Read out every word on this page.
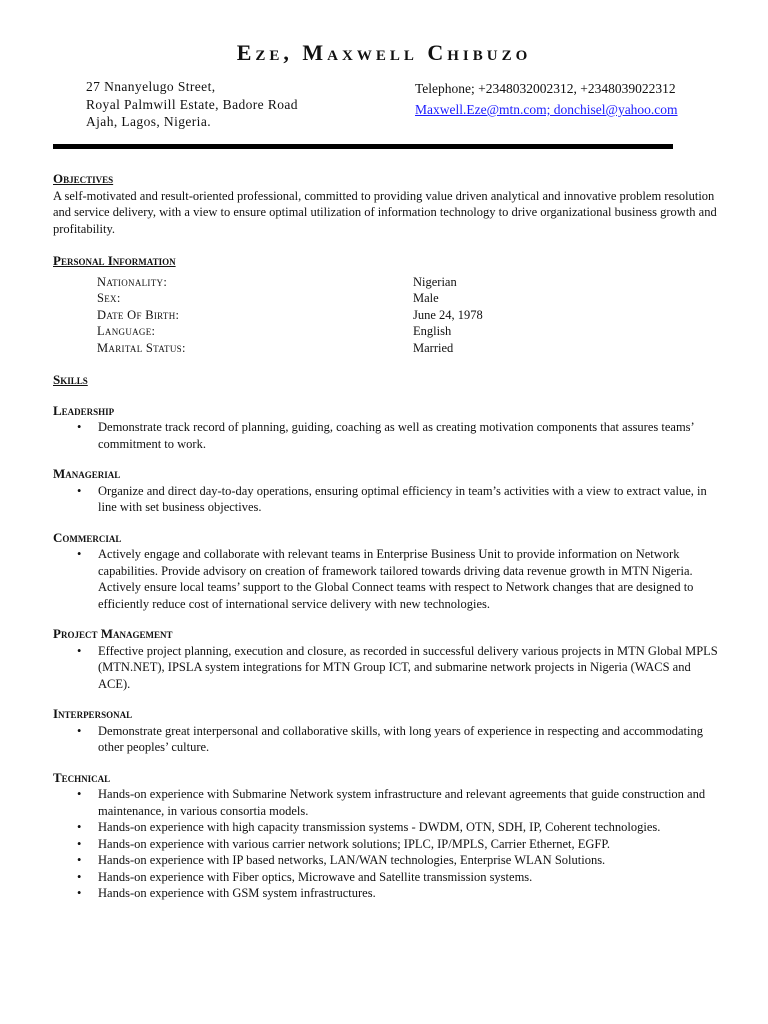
Eze, Maxwell Chibuzo
27 Nnanyelugo Street,
Royal Palmwill Estate, Badore Road
Ajah, Lagos, Nigeria.
Telephone; +2348032002312, +2348039022312
Maxwell.Eze@mtn.com; donchisel@yahoo.com
Objectives

A self-motivated and result-oriented professional, committed to providing value driven analytical and innovative problem resolution and service delivery, with a view to ensure optimal utilization of information technology to drive organizational business growth and profitability.

Personal Information
Nationality:	Nigerian
Sex:	Male
Date Of Birth:	June 24, 1978
Language:	English
Marital Status:	Married
Skills
Leadership
• Demonstrate track record of planning, guiding, coaching as well as creating motivation components that assures teams’ commitment to work.
Managerial
• Organize and direct day-to-day operations, ensuring optimal efficiency in team’s activities with a view to extract value, in line with set business objectives.
Commercial
• Actively engage and collaborate with relevant teams in Enterprise Business Unit to provide information on Network capabilities. Provide advisory on creation of framework tailored towards driving data revenue growth in MTN Nigeria. Actively ensure local teams’ support to the Global Connect teams with respect to Network changes that are designed to efficiently reduce cost of international service delivery with new technologies.
Project Management
• Effective project planning, execution and closure, as recorded in successful delivery various projects in MTN Global MPLS (MTN.NET), IPSLA system integrations for MTN Group ICT, and submarine network projects in Nigeria (WACS and ACE).
Interpersonal
• Demonstrate great interpersonal and collaborative skills, with long years of experience in respecting and accommodating other peoples’ culture.
Technical
• Hands-on experience with Submarine Network system infrastructure and relevant agreements that guide construction and maintenance, in various consortia models.
• Hands-on experience with high capacity transmission systems - DWDM, OTN, SDH, IP, Coherent technologies.
• Hands-on experience with various carrier network solutions; IPLC, IP/MPLS, Carrier Ethernet, EGFP.
• Hands-on experience with IP based networks, LAN/WAN technologies, Enterprise WLAN Solutions.
• Hands-on experience with Fiber optics, Microwave and Satellite transmission systems.
• Hands-on experience with GSM system infrastructures.
